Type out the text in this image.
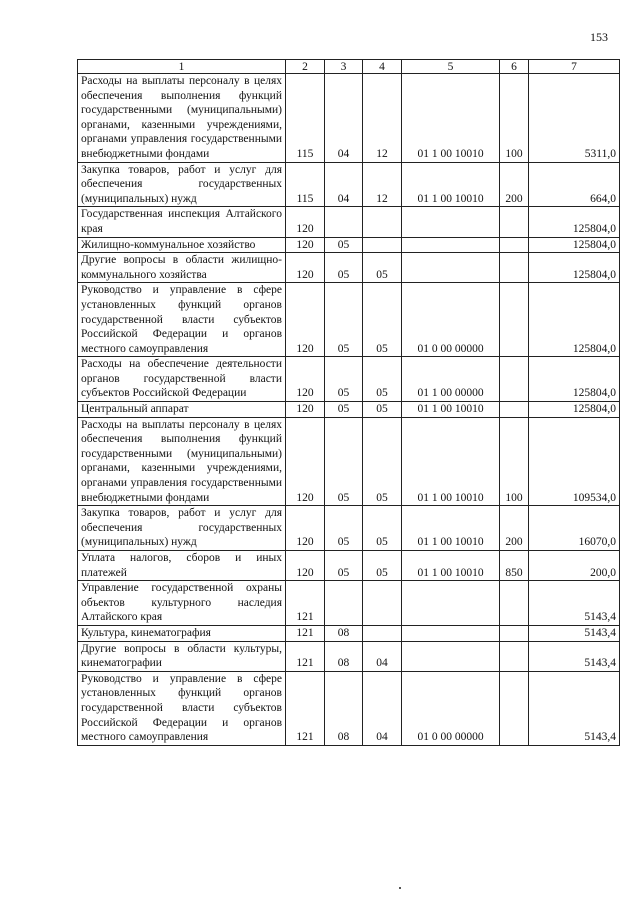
153
1	2	3	4	5	6	7
Расходы на выплаты персоналу в целях обеспечения выполнения функций государственными (муниципальными) органами, казенными учреждениями, органами управления государственными внебюджетными фондами	115	04	12	01 1 00 10010	100	5311,0
Закупка товаров, работ и услуг для обеспечения государственных (муниципальных) нужд	115	04	12	01 1 00 10010	200	664,0
Государственная инспекция Алтайского края	120					125804,0
Жилищно-коммунальное хозяйство	120	05				125804,0
Другие вопросы в области жилищно-коммунального хозяйства	120	05	05			125804,0
Руководство и управление в сфере установленных функций органов государственной власти субъектов Российской Федерации и органов местного самоуправления	120	05	05	01 0 00 00000		125804,0
Расходы на обеспечение деятельности органов государственной власти субъектов Российской Федерации	120	05	05	01 1 00 00000		125804,0
Центральный аппарат	120	05	05	01 1 00 10010		125804,0
Расходы на выплаты персоналу в целях обеспечения выполнения функций государственными (муниципальными) органами, казенными учреждениями, органами управления государственными внебюджетными фондами	120	05	05	01 1 00 10010	100	109534,0
Закупка товаров, работ и услуг для обеспечения государственных (муниципальных) нужд	120	05	05	01 1 00 10010	200	16070,0
Уплата налогов, сборов и иных платежей	120	05	05	01 1 00 10010	850	200,0
Управление государственной охраны объектов культурного наследия Алтайского края	121					5143,4
Культура, кинематография	121	08				5143,4
Другие вопросы в области культуры, кинематографии	121	08	04			5143,4
Руководство и управление в сфере установленных функций органов государственной власти субъектов Российской Федерации и органов местного самоуправления	121	08	04	01 0 00 00000		5143,4
